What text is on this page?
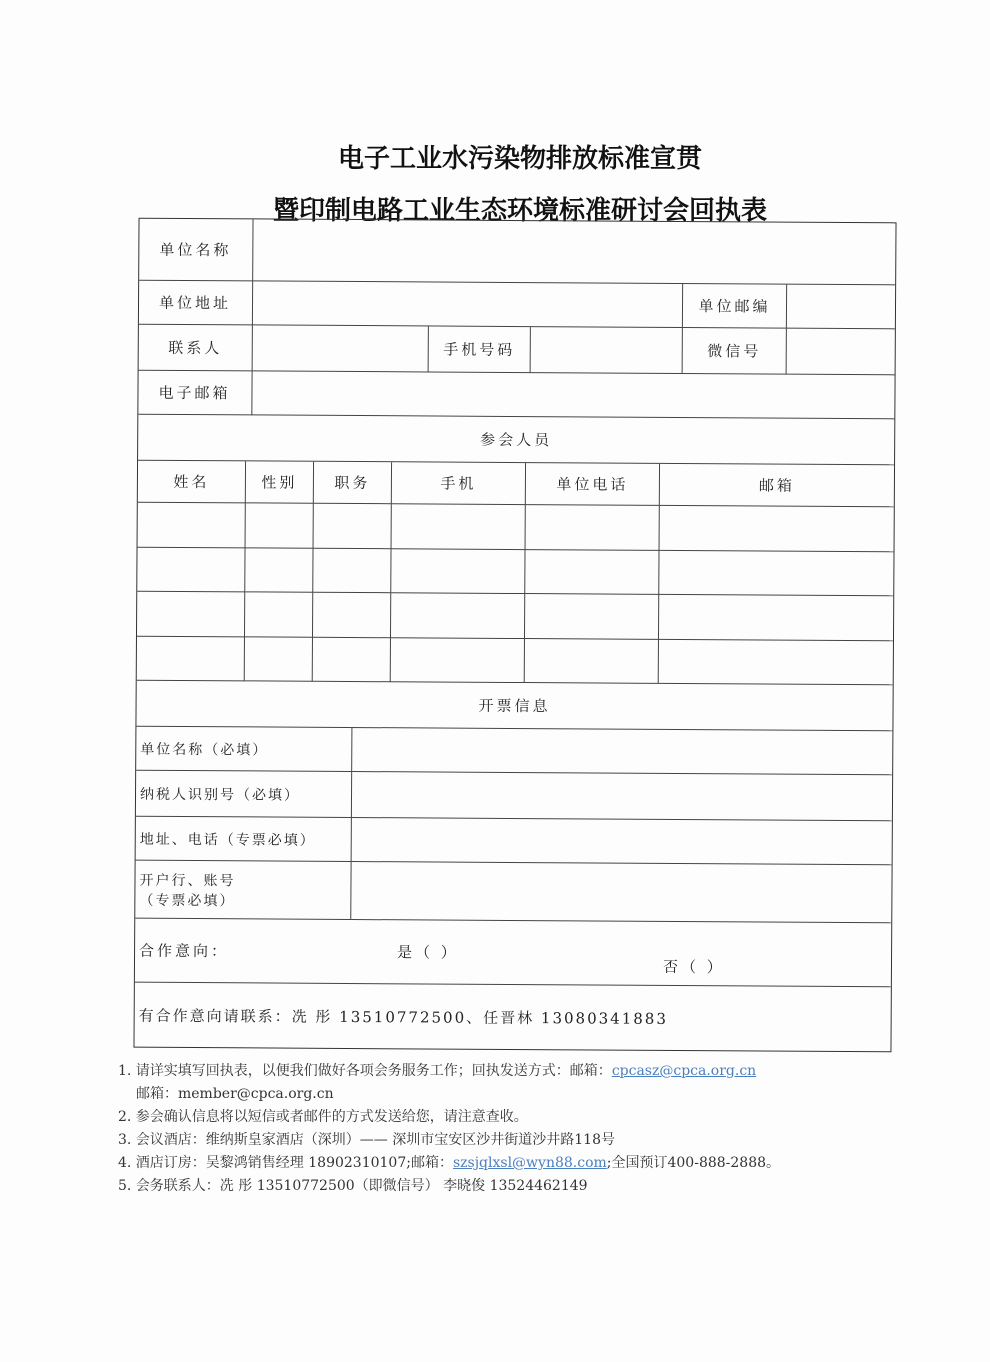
电子工业水污染物排放标准宣贯
暨印制电路工业生态环境标准研讨会回执表
单位名称
单位地址	单位邮编
联系人	手机号码	微信号
电子邮箱
参会人员
姓名	性别	职务	手机	单位电话	邮箱
开票信息
单位名称（必填）
纳税人识别号（必填）
地址、电话（专票必填）
开户行、账号
（专票必填）
合作意向：	是（ ）
否（ ）
有合作意向请联系：冼 彤 13510772500、任晋林 13080341883
1. 请详实填写回执表，以便我们做好各项会务服务工作；回执发送方式：邮箱：cpcasz@cpca.org.cn
邮箱：member@cpca.org.cn
2. 参会确认信息将以短信或者邮件的方式发送给您，请注意查收。
3. 会议酒店：维纳斯皇家酒店（深圳）—— 深圳市宝安区沙井街道沙井路118号
4. 酒店订房：吴黎鸿销售经理 18902310107;邮箱：szsjqlxsl@wyn88.com;全国预订400-888-2888。
5. 会务联系人：冼 彤 13510772500（即微信号） 李晓俊 13524462149
